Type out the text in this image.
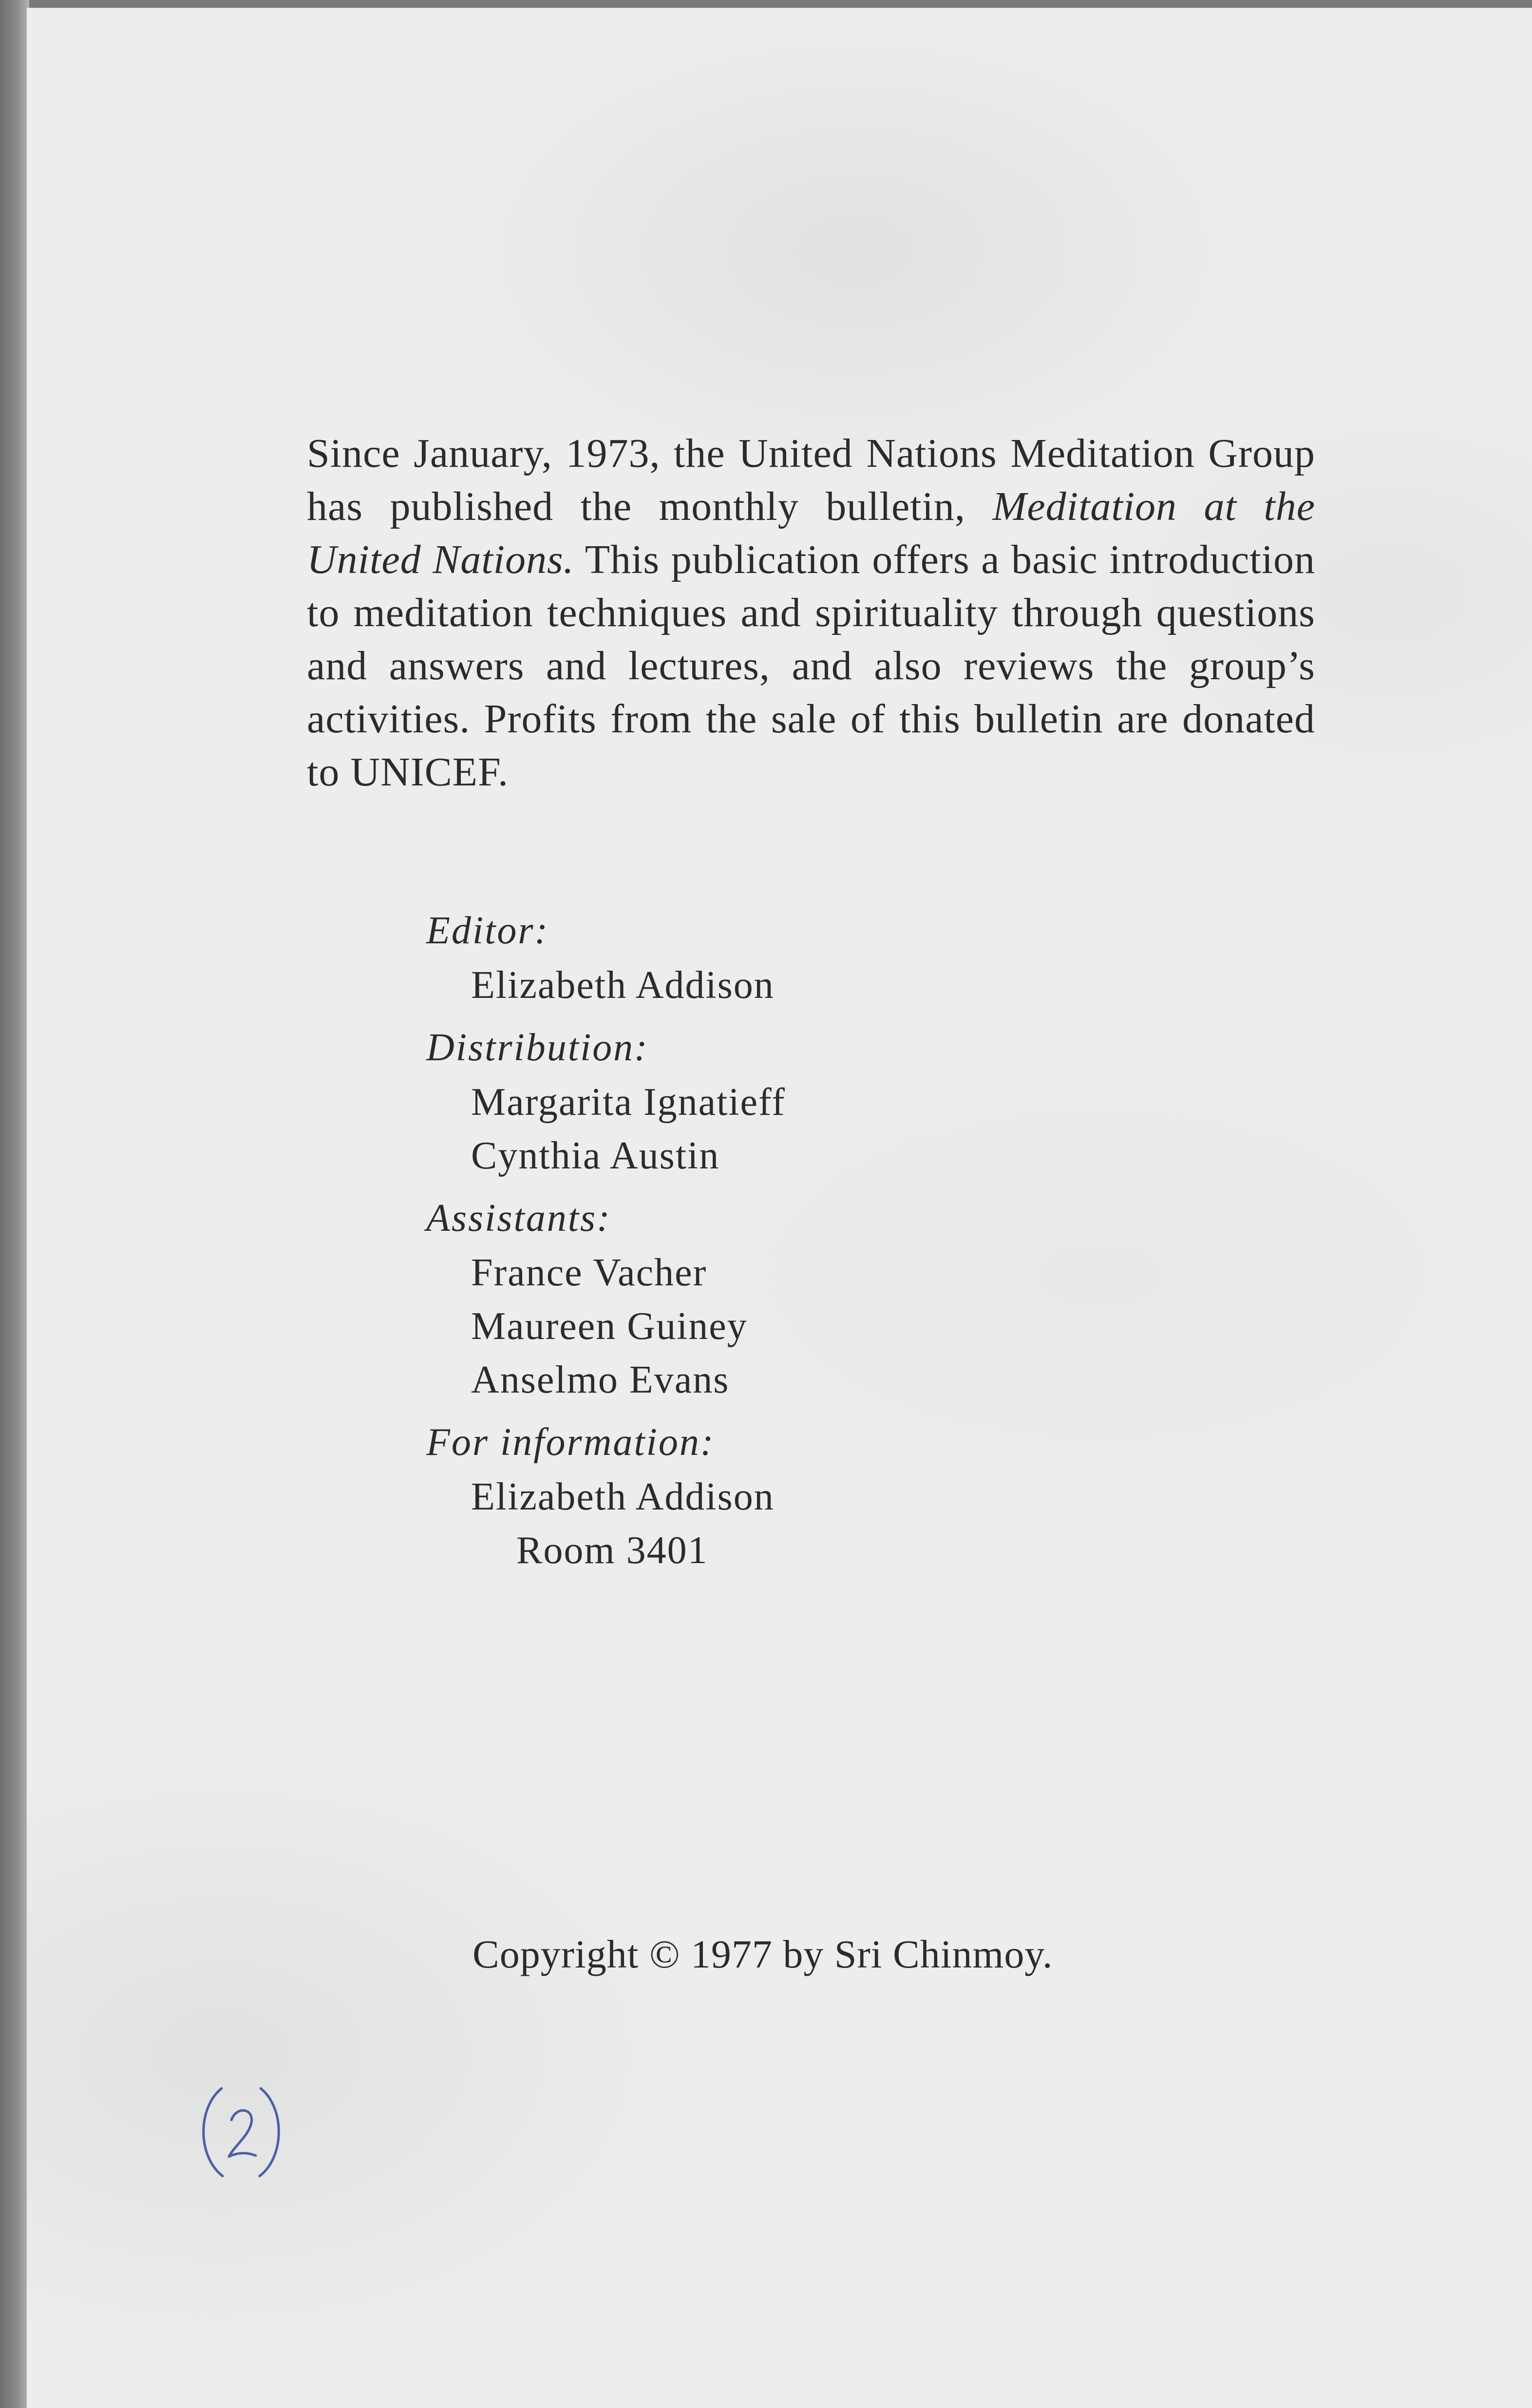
Since January, 1973, the United Nations Meditation Group has published the monthly bulletin, Meditation at the United Nations. This publication offers a basic introduction to meditation techniques and spirituality through questions and answers and lectures, and also reviews the group’s activities. Profits from the sale of this bulletin are donated to UNICEF.

Editor:

Elizabeth Addison

Distribution:

Margarita Ignatieff

Cynthia Austin

Assistants:

France Vacher

Maureen Guiney

Anselmo Evans

For information:

Elizabeth Addison

Room 3401

Copyright © 1977 by Sri Chinmoy.
